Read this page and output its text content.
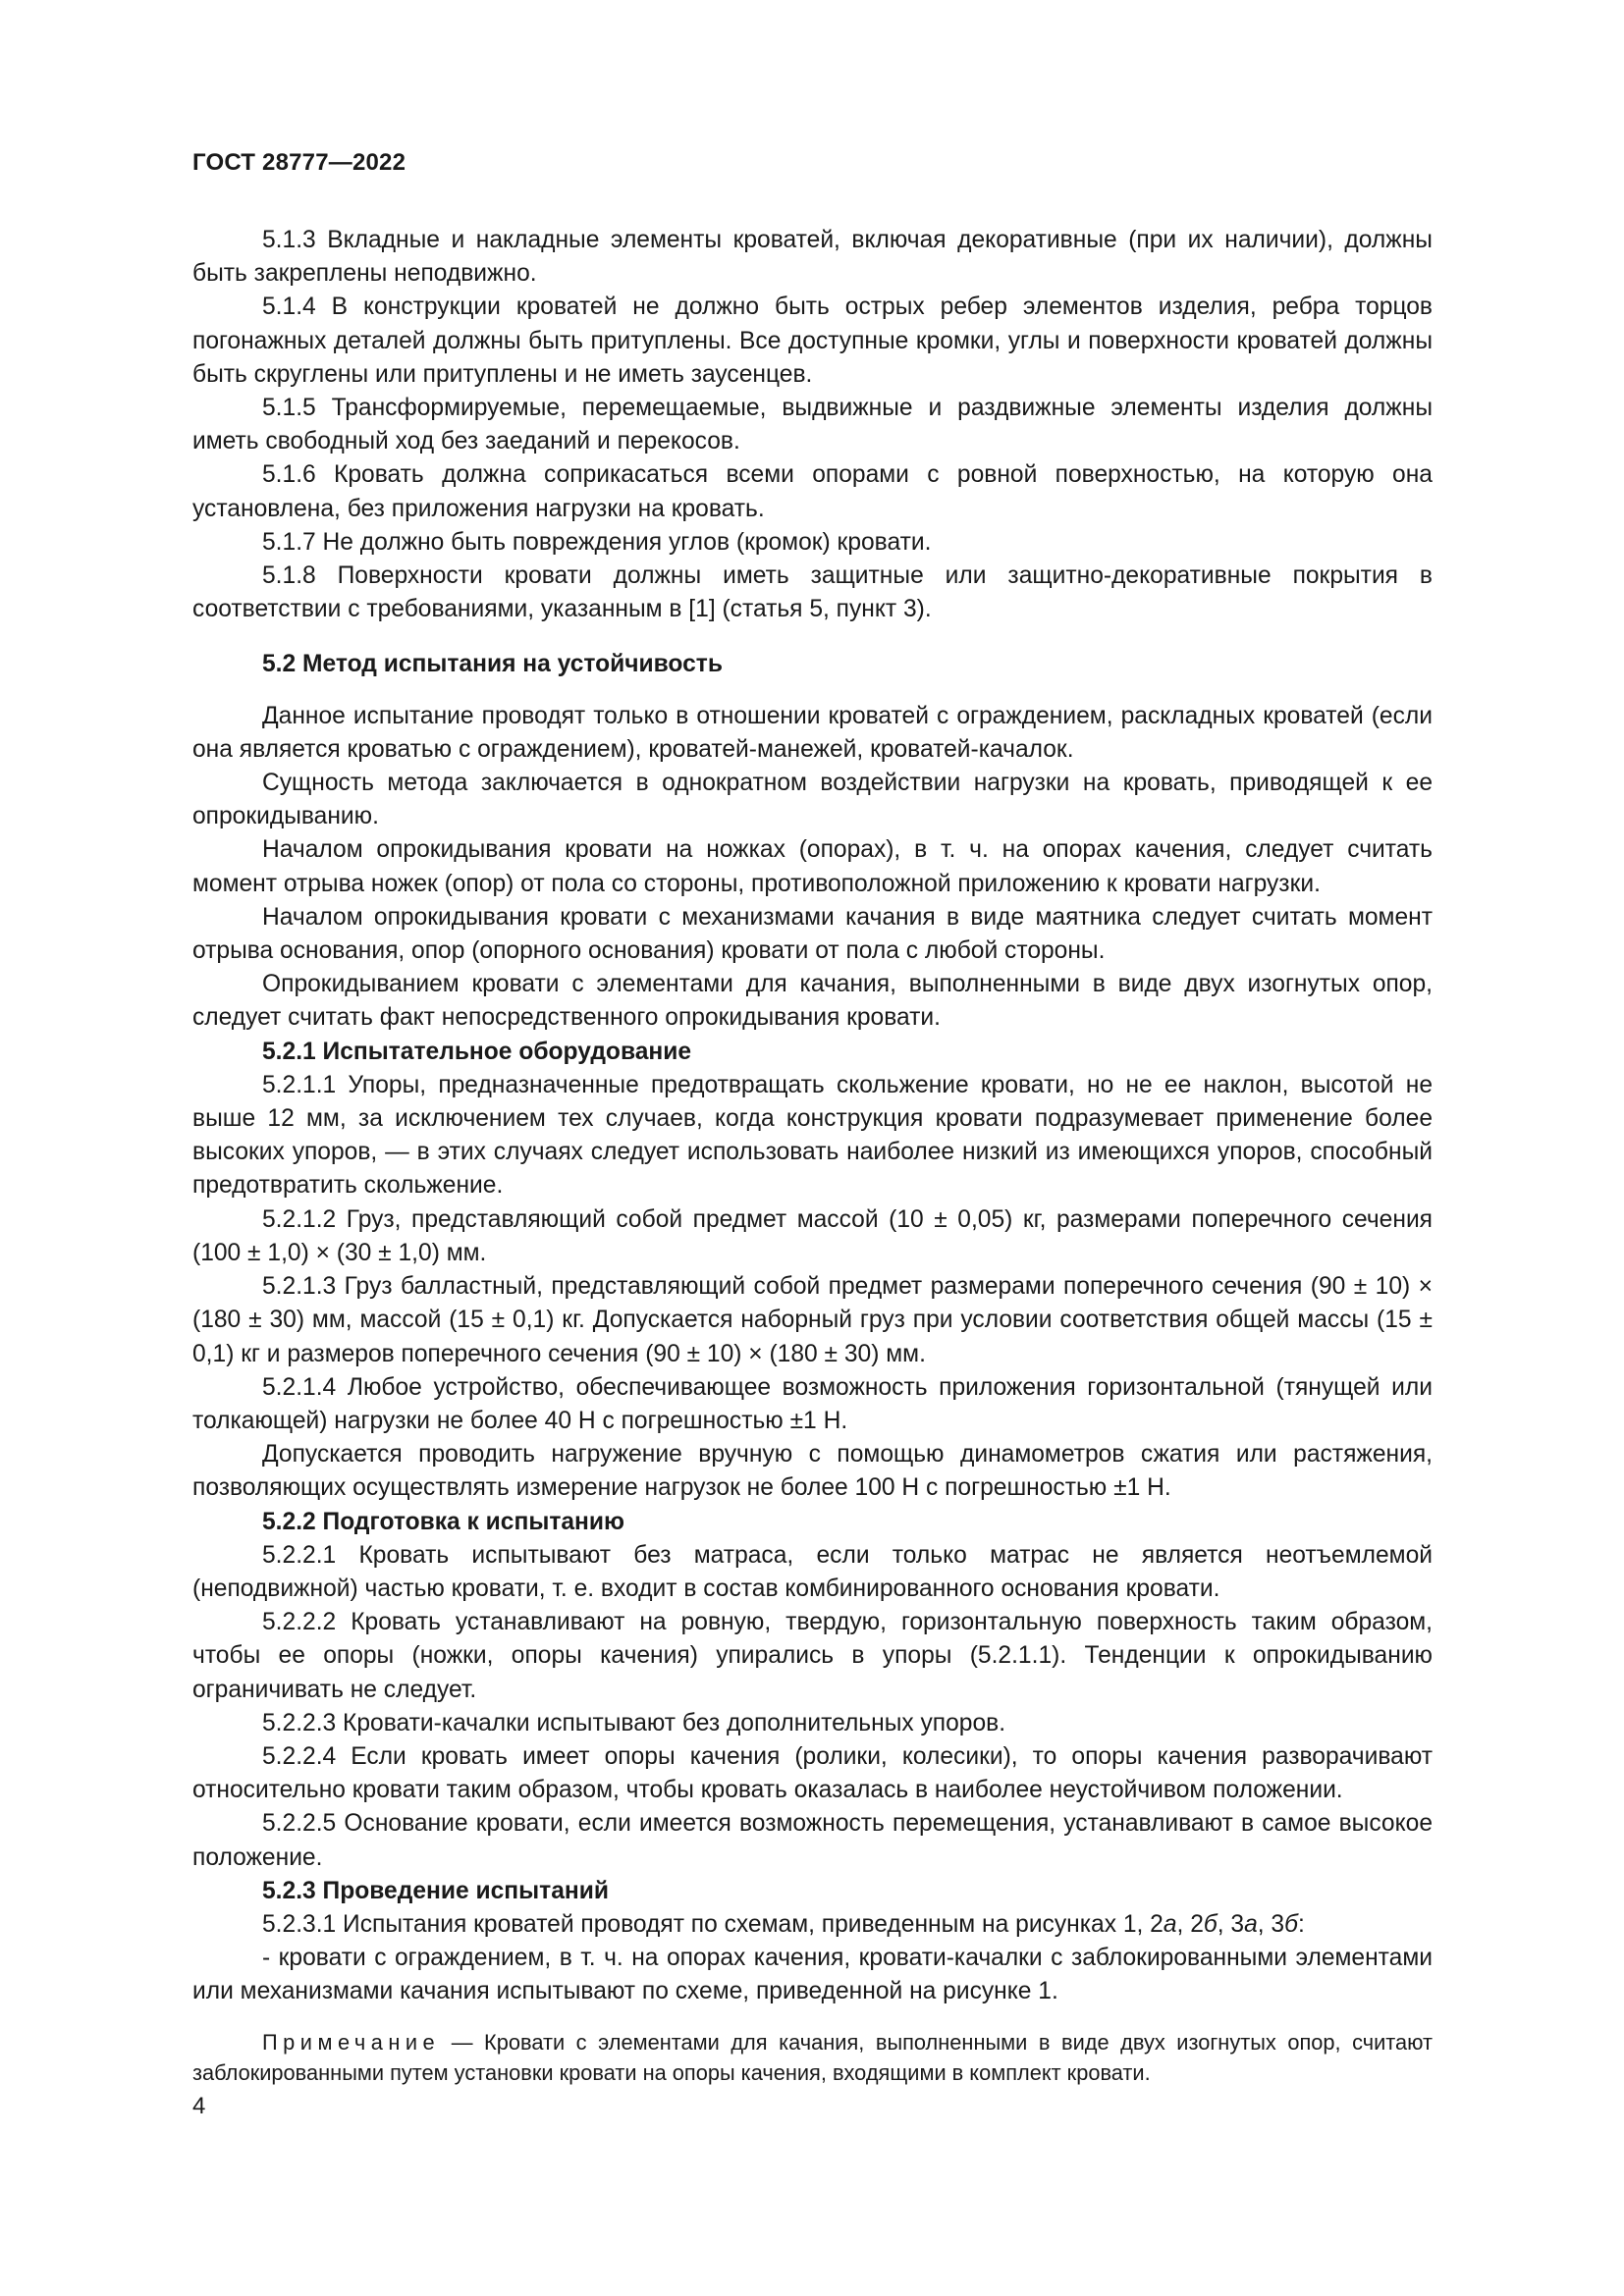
ГОСТ 28777—2022

5.1.3 Вкладные и накладные элементы кроватей, включая декоративные (при их наличии), должны быть закреплены неподвижно.

5.1.4 В конструкции кроватей не должно быть острых ребер элементов изделия, ребра торцов погонажных деталей должны быть притуплены. Все доступные кромки, углы и поверхности кроватей должны быть скруглены или притуплены и не иметь заусенцев.

5.1.5 Трансформируемые, перемещаемые, выдвижные и раздвижные элементы изделия должны иметь свободный ход без заеданий и перекосов.

5.1.6 Кровать должна соприкасаться всеми опорами с ровной поверхностью, на которую она установлена, без приложения нагрузки на кровать.

5.1.7 Не должно быть повреждения углов (кромок) кровати.

5.1.8 Поверхности кровати должны иметь защитные или защитно-декоративные покрытия в соответствии с требованиями, указанным в [1] (статья 5, пункт 3).

5.2 Метод испытания на устойчивость

Данное испытание проводят только в отношении кроватей с ограждением, раскладных кроватей (если она является кроватью с ограждением), кроватей-манежей, кроватей-качалок.

Сущность метода заключается в однократном воздействии нагрузки на кровать, приводящей к ее опрокидыванию.

Началом опрокидывания кровати на ножках (опорах), в т. ч. на опорах качения, следует считать момент отрыва ножек (опор) от пола со стороны, противоположной приложению к кровати нагрузки.

Началом опрокидывания кровати с механизмами качания в виде маятника следует считать момент отрыва основания, опор (опорного основания) кровати от пола с любой стороны.

Опрокидыванием кровати с элементами для качания, выполненными в виде двух изогнутых опор, следует считать факт непосредственного опрокидывания кровати.

5.2.1 Испытательное оборудование

5.2.1.1 Упоры, предназначенные предотвращать скольжение кровати, но не ее наклон, высотой не выше 12 мм, за исключением тех случаев, когда конструкция кровати подразумевает применение более высоких упоров, — в этих случаях следует использовать наиболее низкий из имеющихся упоров, способный предотвратить скольжение.

5.2.1.2 Груз, представляющий собой предмет массой (10 ± 0,05) кг, размерами поперечного сечения (100 ± 1,0) × (30 ± 1,0) мм.

5.2.1.3 Груз балластный, представляющий собой предмет размерами поперечного сечения (90 ± 10) × (180 ± 30) мм, массой (15 ± 0,1) кг. Допускается наборный груз при условии соответствия общей массы (15 ± 0,1) кг и размеров поперечного сечения (90 ± 10) × (180 ± 30) мм.

5.2.1.4 Любое устройство, обеспечивающее возможность приложения горизонтальной (тянущей или толкающей) нагрузки не более 40 Н с погрешностью ±1 Н.

Допускается проводить нагружение вручную с помощью динамометров сжатия или растяжения, позволяющих осуществлять измерение нагрузок не более 100 Н с погрешностью ±1 Н.

5.2.2 Подготовка к испытанию

5.2.2.1 Кровать испытывают без матраса, если только матрас не является неотъемлемой (неподвижной) частью кровати, т. е. входит в состав комбинированного основания кровати.

5.2.2.2 Кровать устанавливают на ровную, твердую, горизонтальную поверхность таким образом, чтобы ее опоры (ножки, опоры качения) упирались в упоры (5.2.1.1). Тенденции к опрокидыванию ограничивать не следует.

5.2.2.3 Кровати-качалки испытывают без дополнительных упоров.

5.2.2.4 Если кровать имеет опоры качения (ролики, колесики), то опоры качения разворачивают относительно кровати таким образом, чтобы кровать оказалась в наиболее неустойчивом положении.

5.2.2.5 Основание кровати, если имеется возможность перемещения, устанавливают в самое высокое положение.

5.2.3 Проведение испытаний

5.2.3.1 Испытания кроватей проводят по схемам, приведенным на рисунках 1, 2а, 2б, 3а, 3б:

- кровати с ограждением, в т. ч. на опорах качения, кровати-качалки с заблокированными элементами или механизмами качания испытывают по схеме, приведенной на рисунке 1.

Примечание — Кровати с элементами для качания, выполненными в виде двух изогнутых опор, считают заблокированными путем установки кровати на опоры качения, входящими в комплект кровати.

4
